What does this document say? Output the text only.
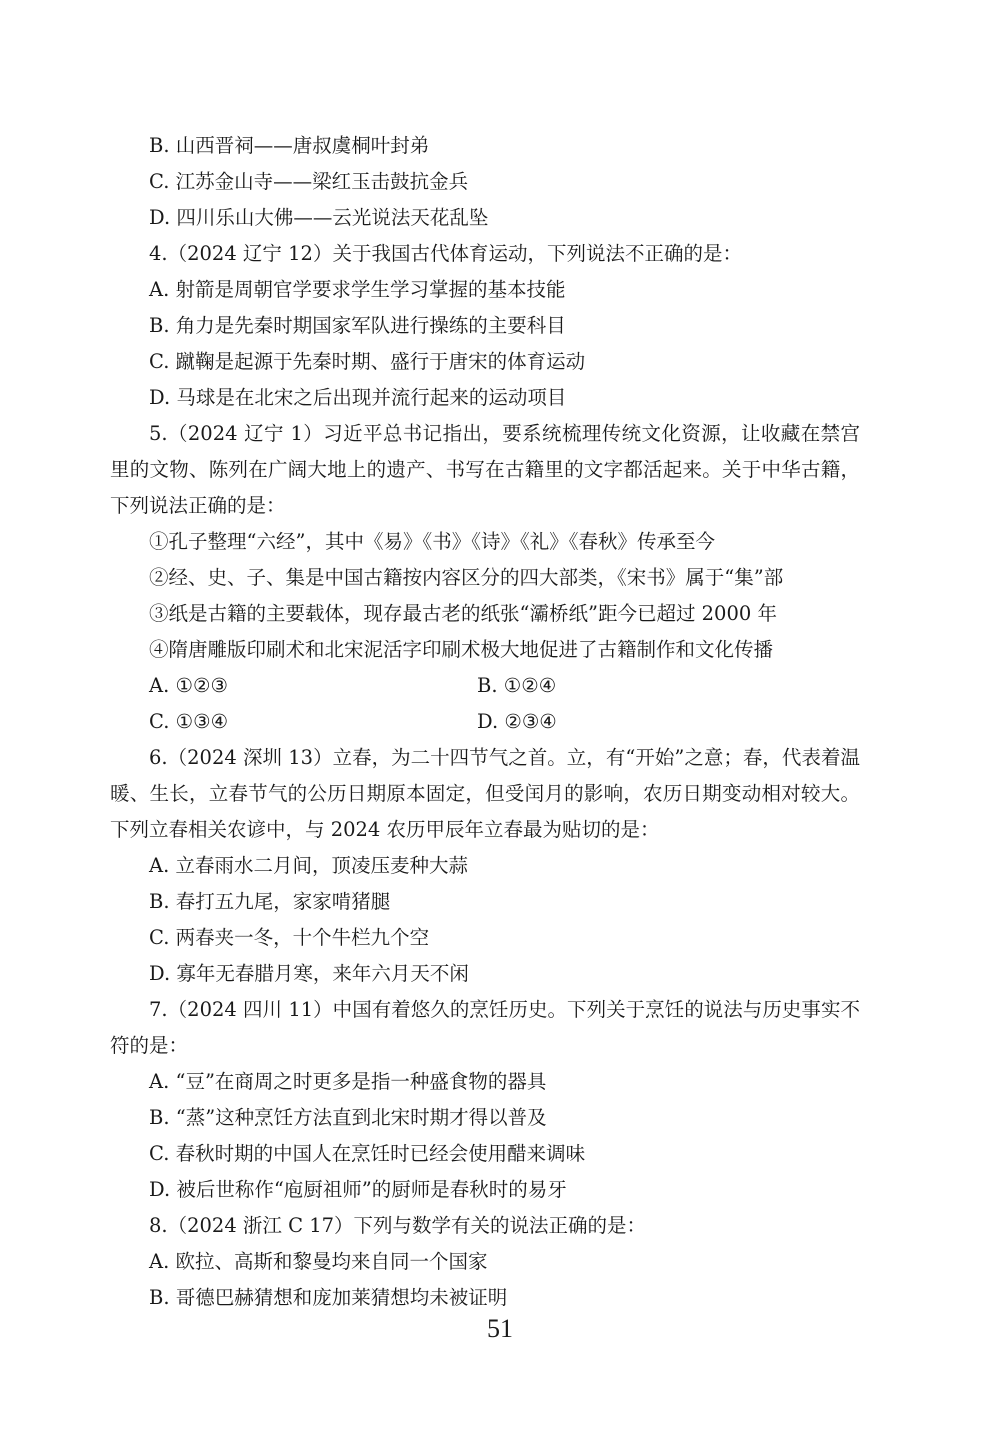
B. 山西晋祠——唐叔虞桐叶封弟
C. 江苏金山寺——梁红玉击鼓抗金兵
D. 四川乐山大佛——云光说法天花乱坠
4.（2024 辽宁 12）关于我国古代体育运动，下列说法不正确的是：
A. 射箭是周朝官学要求学生学习掌握的基本技能
B. 角力是先秦时期国家军队进行操练的主要科目
C. 蹴鞠是起源于先秦时期、盛行于唐宋的体育运动
D. 马球是在北宋之后出现并流行起来的运动项目

5.（2024 辽宁 1）习近平总书记指出，要系统梳理传统文化资源，让收藏在禁宫里的文物、陈列在广阔大地上的遗产、书写在古籍里的文字都活起来。关于中华古籍，下列说法正确的是：

①孔子整理“六经”，其中《易》《书》《诗》《礼》《春秋》传承至今
②经、史、子、集是中国古籍按内容区分的四大部类，《宋书》属于“集”部
③纸是古籍的主要载体，现存最古老的纸张“灞桥纸”距今已超过 2000 年
④隋唐雕版印刷术和北宋泥活字印刷术极大地促进了古籍制作和文化传播
A. ①②③	B. ①②④
C. ①③④	D. ②③④

6.（2024 深圳 13）立春，为二十四节气之首。立，有“开始”之意；春，代表着温暖、生长，立春节气的公历日期原本固定，但受闰月的影响，农历日期变动相对较大。下列立春相关农谚中，与 2024 农历甲辰年立春最为贴切的是：

A. 立春雨水二月间，顶凌压麦种大蒜
B. 春打五九尾，家家啃猪腿
C. 两春夹一冬，十个牛栏九个空
D. 寡年无春腊月寒，来年六月天不闲

7.（2024 四川 11）中国有着悠久的烹饪历史。下列关于烹饪的说法与历史事实不符的是：

A. “豆”在商周之时更多是指一种盛食物的器具
B. “蒸”这种烹饪方法直到北宋时期才得以普及
C. 春秋时期的中国人在烹饪时已经会使用醋来调味
D. 被后世称作“庖厨祖师”的厨师是春秋时的易牙
8.（2024 浙江 C 17）下列与数学有关的说法正确的是：
A. 欧拉、高斯和黎曼均来自同一个国家
B. 哥德巴赫猜想和庞加莱猜想均未被证明
51
